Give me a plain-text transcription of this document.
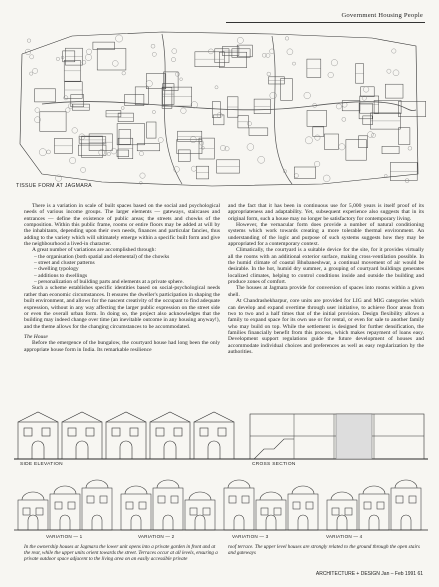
Government Housing People
TISSUE FORM AT JAGMARA

There is a variation in scale of built spaces based on the social and psychological needs of various income groups. The larger elements — gateways, staircases and entrances — define the existence of public areas; the streets and chowks of the composition. Within this public frame, rooms or entire floors may be added at will by the inhabitants, depending upon their own needs, finances and particular fancies, thus adding to the variety which will ultimately emerge within a specific built form and give the neighbourhood a lived-in character.

A great number of variations are accomplished through:

– the organisation (both spatial and elemental) of the chowks
– street and cluster patterns
– dwelling typology
– additions to dwellings
– personalization of building parts and elements at a private sphere.

Such a scheme establishes specific identities based on social-psychological needs rather than economic circumstances. It ensures the dweller's participation in shaping the built environment, and allows for the nascent creativity of the occupant to find adequate expression, without in any way affecting the larger public expression on the street side or even the overall urban form. In doing so, the project also acknowledges that the building may indeed change over time (an inevitable outcome in any housing anyway!), and the theme allows for the changing circumstances to be accommodated.

The House

Before the emergence of the bungalow, the courtyard house had long been the only appropriate house form in India. Its remarkable resilience

and the fact that it has been in continuous use for 5,000 years is itself proof of its appropriateness and adaptability. Yet, subsequent experience also suggests that in its original form, such a house may no longer be satisfactory for contemporary living.

However, the vernacular form does provide a number of natural conditioning systems which work towards creating a more tolerable thermal environment. An understanding of the logic and purpose of such systems suggests how they may be appropriated for a contemporary context.

Climatically, the courtyard is a suitable device for the site, for it provides virtually all the rooms with an additional exterior surface, making cross-ventilation possible. In the humid climate of coastal Bhubaneshwar, a continual movement of air would be desirable. In the hot, humid dry summer, a grouping of courtyard buildings generates localized climates, helping to control conditions inside and outside the building and produce zones of comfort.

The houses at Jagmara provide for conversion of spaces into rooms within a given shell.

At Chandrashekharpur, core units are provided for LIG and MIG categories which can develop and expand overtime through user initiative, to achieve floor areas from two to two and a half times that of the initial provision. Design flexibility allows a family to expand space for its own use or for rental, or even for sale to another family who may build on top. While the settlement is designed for further densification, the families financially benefit from this process, which makes repayment of loans easy. Development support regulations guide the future development of houses and accommodate individual choices and preferences as well as easy regularization by the authorities.

SIDE ELEVATION	CROSS SECTION
VARIATION — 1	VARIATION — 2	VARIATION — 3	VARIATION — 4
In the ownership houses at Jagmara the lower unit opens into a private garden in front and at the rear, while the upper units orient towards the street. Terraces occur at all levels, ensuring a private outdoor space adjacent to the living area on an easily accessible private
roof terrace. The upper level houses are strongly related to the ground through the open stairs and gateways
ARCHITECTURE + DESIGN Jan – Feb 1991 61
